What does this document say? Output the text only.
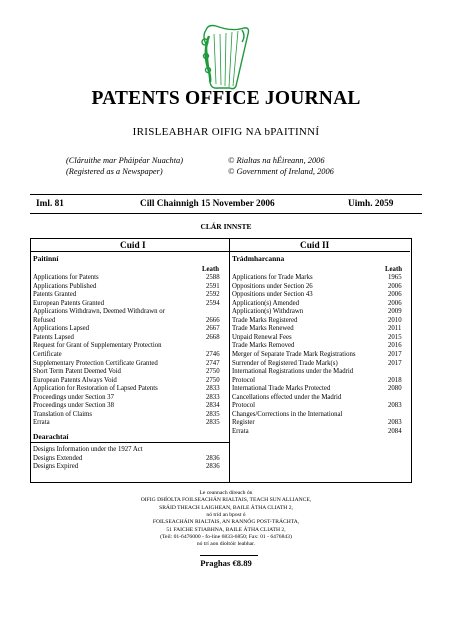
PATENTS OFFICE JOURNAL
IRISLEABHAR OIFIG NA bPAITINNÍ
(Cláruithe mar Pháipéar Nuachta)
(Registered as a Newspaper)
© Rialtas na hÉireann, 2006
© Government of Ireland, 2006
Iml. 81	Cill Chainnigh 15 November 2006	Uimh. 2059
CLÁR INNSTE
Cuid I	Cuid II
Paitinní	Trádmharcanna
Leath	Leath
Applications for Patents	2588
Applications Published	2591
Patents Granted	2592
European Patents Granted	2594
Applications Withdrawn, Deemed Withdrawn or
Refused	2666
Applications Lapsed	2667
Patents Lapsed	2668
Request for Grant of Supplementary Protection
Certificate	2746
Supplementary Protection Certificate Granted	2747
Short Term Patent Deemed Void	2750
European Patents Always Void	2750
Application for Restoration of Lapsed Patents	2833
Proceedings under Section 37	2833
Proceedings under Section 38	2834
Translation of Claims	2835
Errata	2835
Applications for Trade Marks	1965
Oppositions under Section 26	2006
Oppositions under Section 43	2006
Application(s) Amended	2006
Application(s) Withdrawn	2009
Trade Marks Registered	2010
Trade Marks Renewed	2011
Unpaid Renewal Fees	2015
Trade Marks Removed	2016
Merger of Separate Trade Mark Registrations	2017
Surrender of Registered Trade Mark(s)	2017
International Registrations under the Madrid
Protocol	2018
International Trade Marks Protected	2080
Cancellations effected under the Madrid
Protocol	2083
Changes/Corrections in the International
Register	2083
Errata	2084
Dearachtaí
Designs Information under the 1927 Act
Designs Extended	2836
Designs Expired	2836
Le ceannach díreach ón
OIFIG DHÍOLTA FOILSEACHÁN RIALTAIS, TEACH SUN ALLIANCE,
SRÁID THEACH LAIGHEAN, BAILE ÁTHA CLIATH 2,
nó tríd an bpost ó
FOILSEACHÁIN RIALTAIS, AN RANNÓG POST-TRÁCHTA,
51 FAICHE STIABHNA, BAILE ÁTHA CLIATH 2,
(Teil: 01-6476000 - fo-líne 6833-6850; Fax: 01 - 6476843)
nó trí aon díoltóir leabhar.
Praghas €8.89
